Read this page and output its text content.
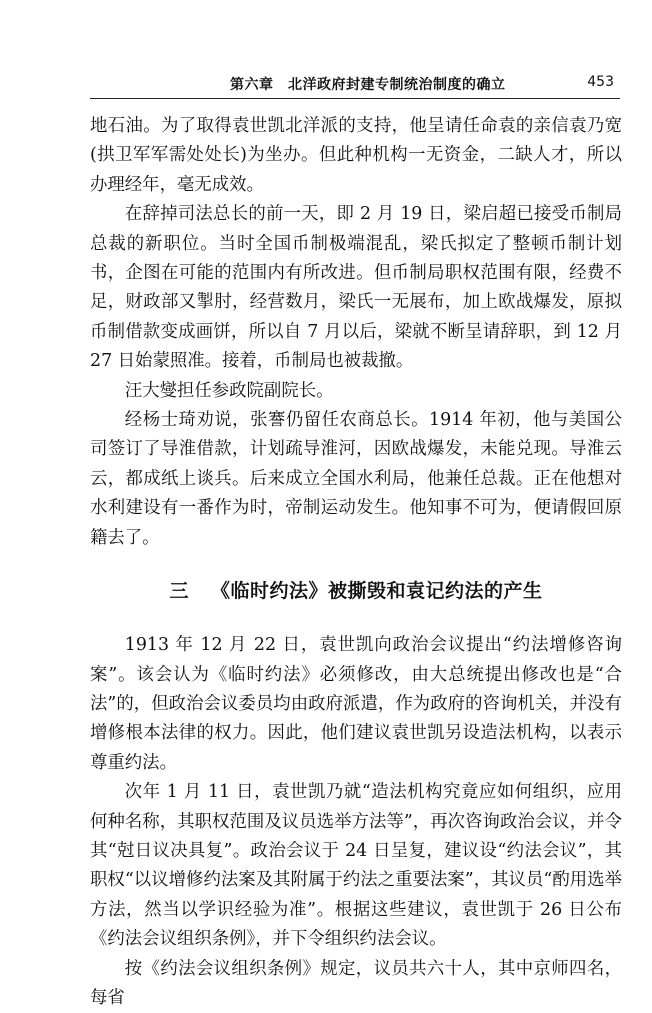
第六章　北洋政府封建专制统治制度的确立	453

地石油。为了取得袁世凯北洋派的支持，他呈请任命袁的亲信袁乃宽(拱卫军军需处处长)为坐办。但此种机构一无资金，二缺人才，所以办理经年，毫无成效。

在辞掉司法总长的前一天，即 2 月 19 日，梁启超已接受币制局总裁的新职位。当时全国币制极端混乱，梁氏拟定了整顿币制计划书，企图在可能的范围内有所改进。但币制局职权范围有限，经费不足，财政部又掣肘，经营数月，梁氏一无展布，加上欧战爆发，原拟币制借款变成画饼，所以自 7 月以后，梁就不断呈请辞职，到 12 月 27 日始蒙照准。接着，币制局也被裁撤。

汪大燮担任参政院副院长。

经杨士琦劝说，张謇仍留任农商总长。1914 年初，他与美国公司签订了导淮借款，计划疏导淮河，因欧战爆发，未能兑现。导淮云云，都成纸上谈兵。后来成立全国水利局，他兼任总裁。正在他想对水利建设有一番作为时，帝制运动发生。他知事不可为，便请假回原籍去了。

三 《临时约法》被撕毁和袁记约法的产生

1913 年 12 月 22 日，袁世凯向政治会议提出“约法增修咨询案”。该会认为《临时约法》必须修改，由大总统提出修改也是“合法”的，但政治会议委员均由政府派遣，作为政府的咨询机关，并没有增修根本法律的权力。因此，他们建议袁世凯另设造法机构，以表示尊重约法。

次年 1 月 11 日，袁世凯乃就“造法机构究竟应如何组织，应用何种名称，其职权范围及议员选举方法等”，再次咨询政治会议，并令其“尅日议决具复”。政治会议于 24 日呈复，建议设“约法会议”，其职权“以议增修约法案及其附属于约法之重要法案”，其议员“酌用选举方法，然当以学识经验为准”。根据这些建议，袁世凯于 26 日公布《约法会议组织条例》，并下令组织约法会议。

按《约法会议组织条例》规定，议员共六十人，其中京师四名，每省
